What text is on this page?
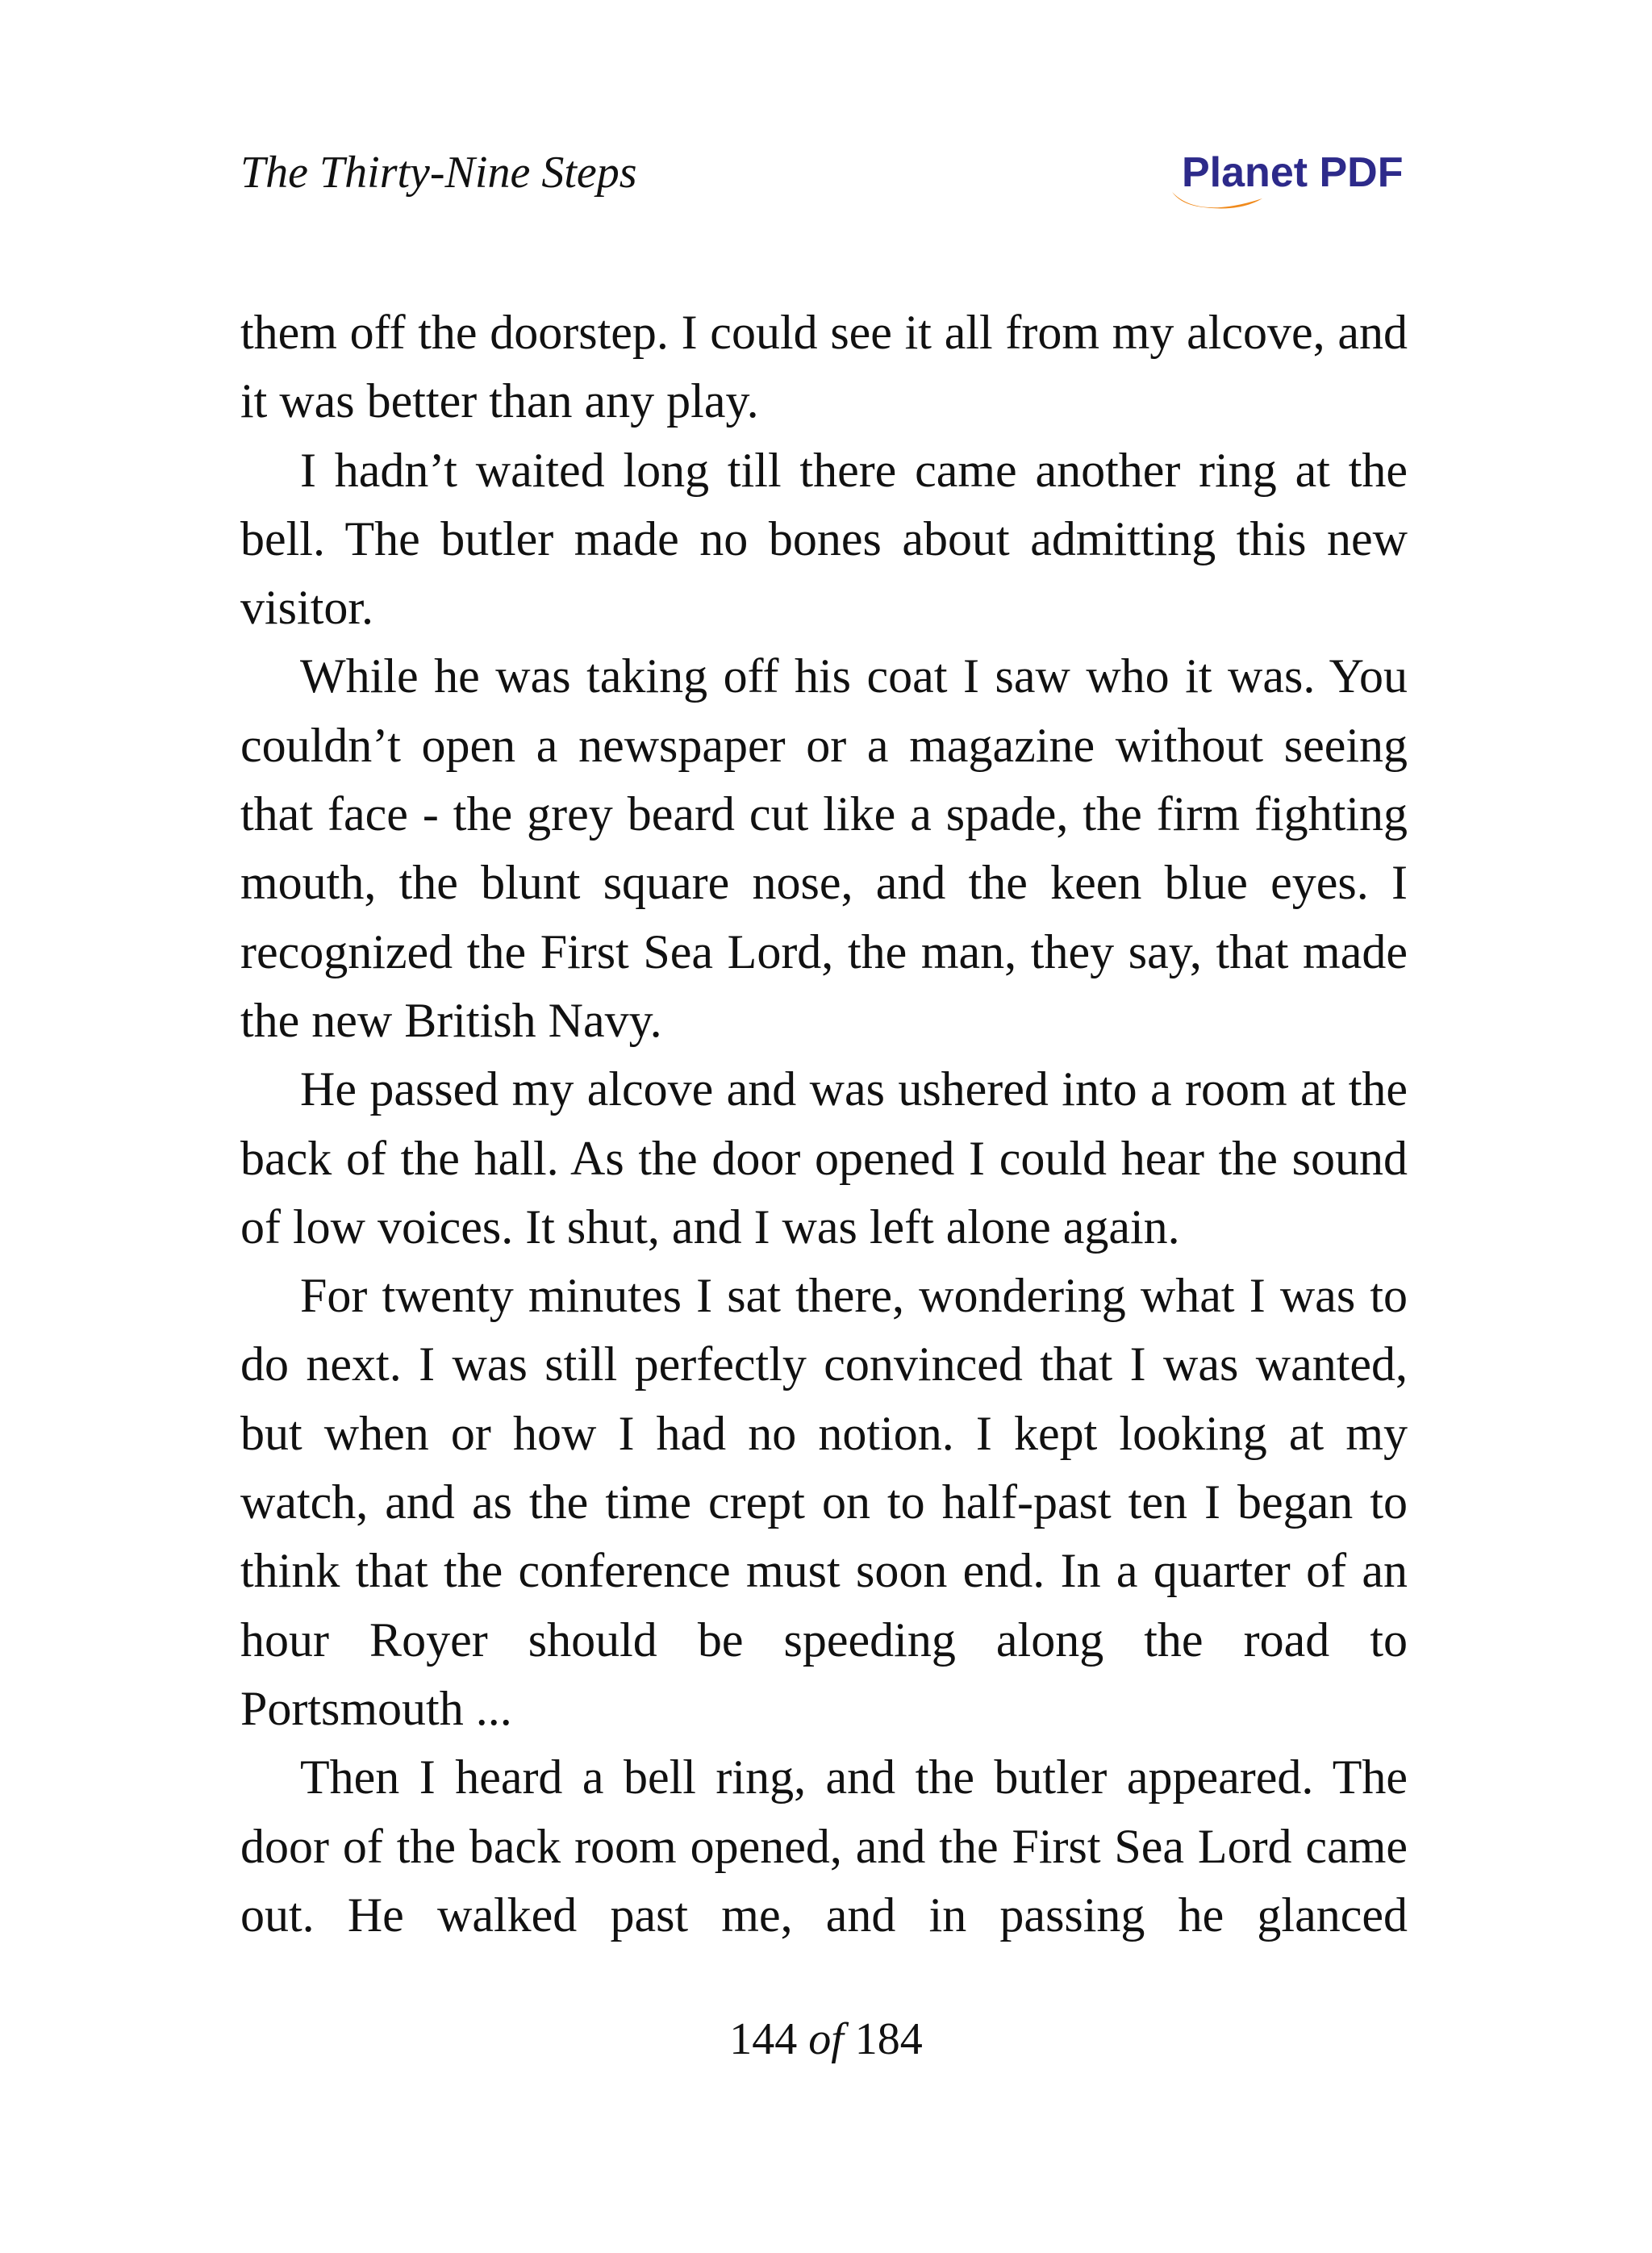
The Thirty-Nine Steps	Planet PDF

them off the doorstep. I could see it all from my alcove, and it was better than any play.

I hadn’t waited long till there came another ring at the bell. The butler made no bones about admitting this new visitor.

While he was taking off his coat I saw who it was. You couldn’t open a newspaper or a magazine without seeing that face - the grey beard cut like a spade, the firm fighting mouth, the blunt square nose, and the keen blue eyes. I recognized the First Sea Lord, the man, they say, that made the new British Navy.

He passed my alcove and was ushered into a room at the back of the hall. As the door opened I could hear the sound of low voices. It shut, and I was left alone again.

For twenty minutes I sat there, wondering what I was to do next. I was still perfectly convinced that I was wanted, but when or how I had no notion. I kept looking at my watch, and as the time crept on to half-past ten I began to think that the conference must soon end. In a quarter of an hour Royer should be speeding along the road to Portsmouth ...

Then I heard a bell ring, and the butler appeared. The door of the back room opened, and the First Sea Lord came out. He walked past me, and in passing he glanced

144 of 184
